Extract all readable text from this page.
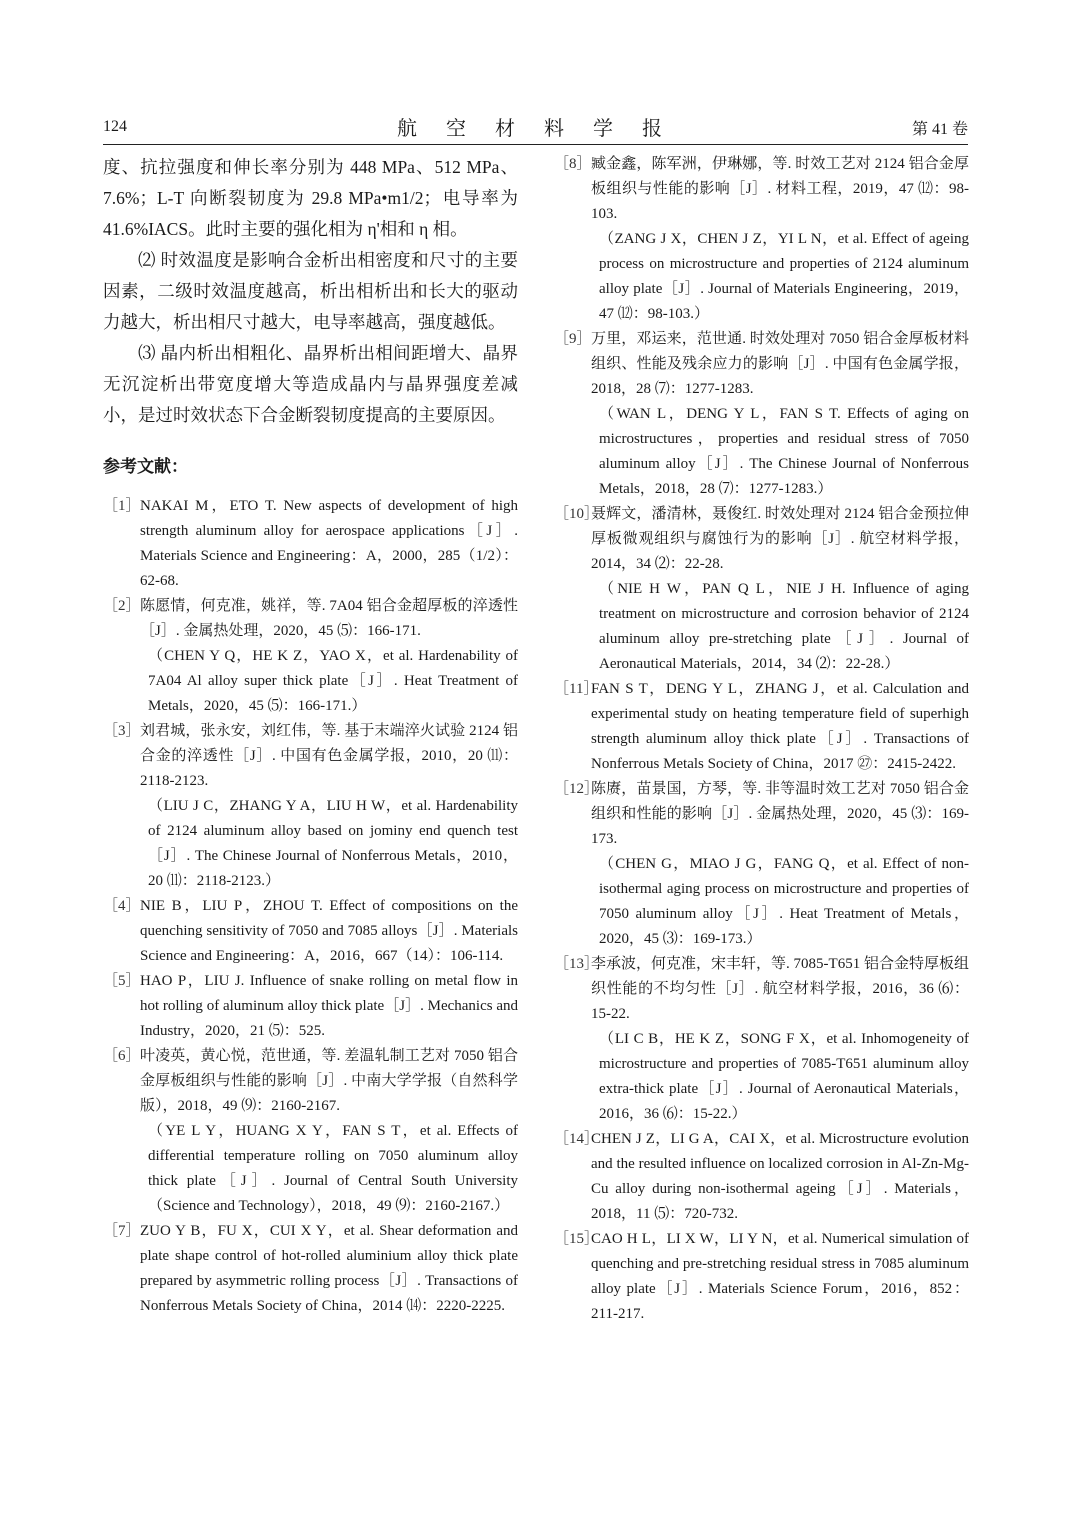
124	航 空 材 料 学 报	第 41 卷

度、抗拉强度和伸长率分别为 448 MPa、512 MPa、7.6%；L-T 向断裂韧度为 29.8 MPa•m1/2；电导率为 41.6%IACS。此时主要的强化相为 η'相和 η 相。

⑵ 时效温度是影响合金析出相密度和尺寸的主要因素，二级时效温度越高，析出相析出和长大的驱动力越大，析出相尺寸越大，电导率越高，强度越低。

⑶ 晶内析出相粗化、晶界析出相间距增大、晶界无沉淀析出带宽度增大等造成晶内与晶界强度差减小，是过时效状态下合金断裂韧度提高的主要原因。

参考文献：
［1］ NAKAI M，ETO T. New aspects of development of high strength aluminum alloy for aerospace applications［J］. Materials Science and Engineering：A，2000，285（1/2）：62-68.
［2］ 陈愿情，何克准，姚祥，等. 7A04 铝合金超厚板的淬透性［J］. 金属热处理，2020，45 ⑸：166-171.
（CHEN Y Q，HE K Z，YAO X，et al. Hardenability of 7A04 Al alloy super thick plate［J］. Heat Treatment of Metals，2020，45 ⑸：166-171.）
［3］ 刘君城，张永安，刘红伟，等. 基于末端淬火试验 2124 铝合金的淬透性［J］. 中国有色金属学报，2010，20 ⑾：2118-2123.
（LIU J C，ZHANG Y A，LIU H W，et al. Hardenability of 2124 aluminum alloy based on jominy end quench test［J］. The Chinese Journal of Nonferrous Metals，2010，20 ⑾：2118-2123.）
［4］ NIE B，LIU P，ZHOU T. Effect of compositions on the quenching sensitivity of 7050 and 7085 alloys［J］. Materials Science and Engineering：A，2016，667（14）：106-114.
［5］ HAO P，LIU J. Influence of snake rolling on metal flow in hot rolling of aluminum alloy thick plate［J］. Mechanics and Industry，2020，21 ⑸：525.
［6］ 叶凌英，黄心悦，范世通，等. 差温轧制工艺对 7050 铝合金厚板组织与性能的影响［J］. 中南大学学报（自然科学版），2018，49 ⑼：2160-2167.
（YE L Y，HUANG X Y，FAN S T，et al. Effects of differential temperature rolling on 7050 aluminum alloy thick plate［J］. Journal of Central South University（Science and Technology），2018，49 ⑼：2160-2167.）
［7］ ZUO Y B，FU X，CUI X Y，et al. Shear deformation and plate shape control of hot-rolled aluminium alloy thick plate prepared by asymmetric rolling process［J］. Transactions of Nonferrous Metals Society of China，2014 ⒁：2220-2225.
［8］ 臧金鑫，陈军洲，伊琳娜，等. 时效工艺对 2124 铝合金厚板组织与性能的影响［J］. 材料工程，2019，47 ⑿：98-103.
（ZANG J X，CHEN J Z，YI L N，et al. Effect of ageing process on microstructure and properties of 2124 aluminum alloy plate［J］. Journal of Materials Engineering，2019，47 ⑿：98-103.）
［9］ 万里，邓运来，范世通. 时效处理对 7050 铝合金厚板材料组织、性能及残余应力的影响［J］. 中国有色金属学报，2018，28 ⑺：1277-1283.
（WAN L，DENG Y L，FAN S T. Effects of aging on microstructures，properties and residual stress of 7050 aluminum alloy［J］. The Chinese Journal of Nonferrous Metals，2018，28 ⑺：1277-1283.）
［10］
聂辉文，潘清林，聂俊红. 时效处理对 2124 铝合金预拉伸厚板微观组织与腐蚀行为的影响［J］. 航空材料学报，2014，34 ⑵：22-28.
（NIE H W，PAN Q L，NIE J H. Influence of aging treatment on microstructure and corrosion behavior of 2124 aluminum alloy pre-stretching plate［J］. Journal of Aeronautical Materials，2014，34 ⑵：22-28.）
［11］
FAN S T，DENG Y L，ZHANG J，et al. Calculation and experimental study on heating temperature field of superhigh strength aluminum alloy thick plate［J］. Transactions of Nonferrous Metals Society of China，2017 ㉗：2415-2422.
［12］
陈赓，苗景国，方琴，等. 非等温时效工艺对 7050 铝合金组织和性能的影响［J］. 金属热处理，2020，45 ⑶：169-173.
（CHEN G，MIAO J G，FANG Q，et al. Effect of non-isothermal aging process on microstructure and properties of 7050 aluminum alloy［J］. Heat Treatment of Metals，2020，45 ⑶：169-173.）
［13］
李承波，何克准，宋丰轩，等. 7085-T651 铝合金特厚板组织性能的不均匀性［J］. 航空材料学报，2016，36 ⑹：15-22.
（LI C B，HE K Z，SONG F X，et al. Inhomogeneity of microstructure and properties of 7085-T651 aluminum alloy extra-thick plate［J］. Journal of Aeronautical Materials，2016，36 ⑹：15-22.）
［14］
CHEN J Z，LI G A，CAI X，et al. Microstructure evolution and the resulted influence on localized corrosion in Al-Zn-Mg-Cu alloy during non-isothermal ageing［J］. Materials，2018，11 ⑸：720-732.
［15］
CAO H L，LI X W，LI Y N，et al. Numerical simulation of quenching and pre-stretching residual stress in 7085 aluminum alloy plate［J］. Materials Science Forum，2016，852：211-217.
